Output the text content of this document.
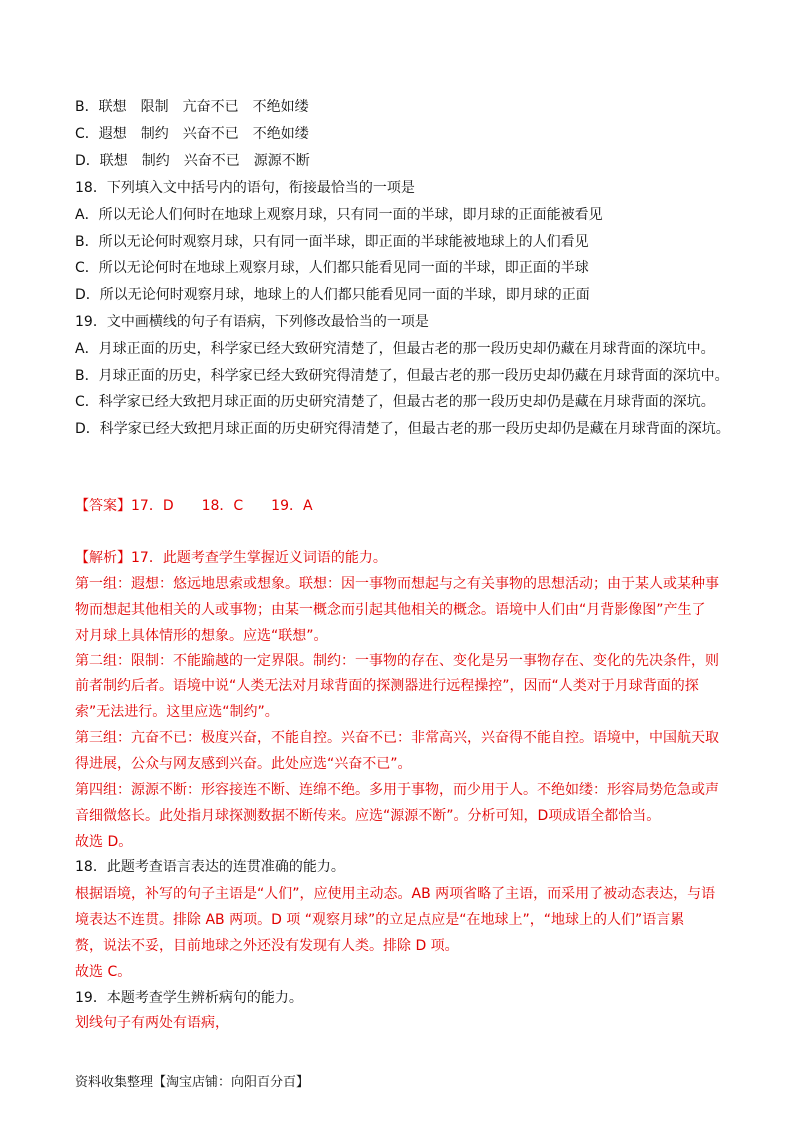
B．联想　限制　亢奋不已　不绝如缕
C．遐想　制约　兴奋不已　不绝如缕
D．联想　制约　兴奋不已　源源不断
18．下列填入文中括号内的语句，衔接最恰当的一项是
A．所以无论人们何时在地球上观察月球，只有同一面的半球，即月球的正面能被看见
B．所以无论何时观察月球，只有同一面半球，即正面的半球能被地球上的人们看见
C．所以无论何时在地球上观察月球，人们都只能看见同一面的半球，即正面的半球
D．所以无论何时观察月球，地球上的人们都只能看见同一面的半球，即月球的正面
19．文中画横线的句子有语病，下列修改最恰当的一项是
A．月球正面的历史，科学家已经大致研究清楚了，但最古老的那一段历史却仍藏在月球背面的深坑中。
B．月球正面的历史，科学家已经大致研究得清楚了，但最古老的那一段历史却仍藏在月球背面的深坑中。
C．科学家已经大致把月球正面的历史研究清楚了，但最古老的那一段历史却仍是藏在月球背面的深坑。
D．科学家已经大致把月球正面的历史研究得清楚了，但最古老的那一段历史却仍是藏在月球背面的深坑。
【答案】17．D　　18．C　　19．A
【解析】17．此题考查学生掌握近义词语的能力。
第一组：遐想：悠远地思索或想象。联想：因一事物而想起与之有关事物的思想活动；由于某人或某种事
物而想起其他相关的人或事物；由某一概念而引起其他相关的概念。语境中人们由“月背影像图”产生了
对月球上具体情形的想象。应选“联想”。
第二组：限制：不能踰越的一定界限。制约：一事物的存在、变化是另一事物存在、变化的先决条件，则
前者制约后者。语境中说“人类无法对月球背面的探测器进行远程操控”，因而“人类对于月球背面的探
索”无法进行。这里应选“制约”。
第三组：亢奋不已：极度兴奋，不能自控。兴奋不已：非常高兴，兴奋得不能自控。语境中，中国航天取
得进展，公众与网友感到兴奋。此处应选“兴奋不已”。
第四组：源源不断：形容接连不断、连绵不绝。多用于事物，而少用于人。不绝如缕：形容局势危急或声
音细微悠长。此处指月球探测数据不断传来。应选“源源不断”。分析可知，D项成语全都恰当。
故选 D。
18．此题考查语言表达的连贯准确的能力。
根据语境，补写的句子主语是“人们”，应使用主动态。AB 两项省略了主语，而采用了被动态表达，与语
境表达不连贯。排除 AB 两项。D 项 “观察月球”的立足点应是“在地球上”，“地球上的人们”语言累
赘，说法不妥，目前地球之外还没有发现有人类。排除 D 项。
故选 C。
19．本题考查学生辨析病句的能力。
划线句子有两处有语病，
资料收集整理【淘宝店铺：向阳百分百】
